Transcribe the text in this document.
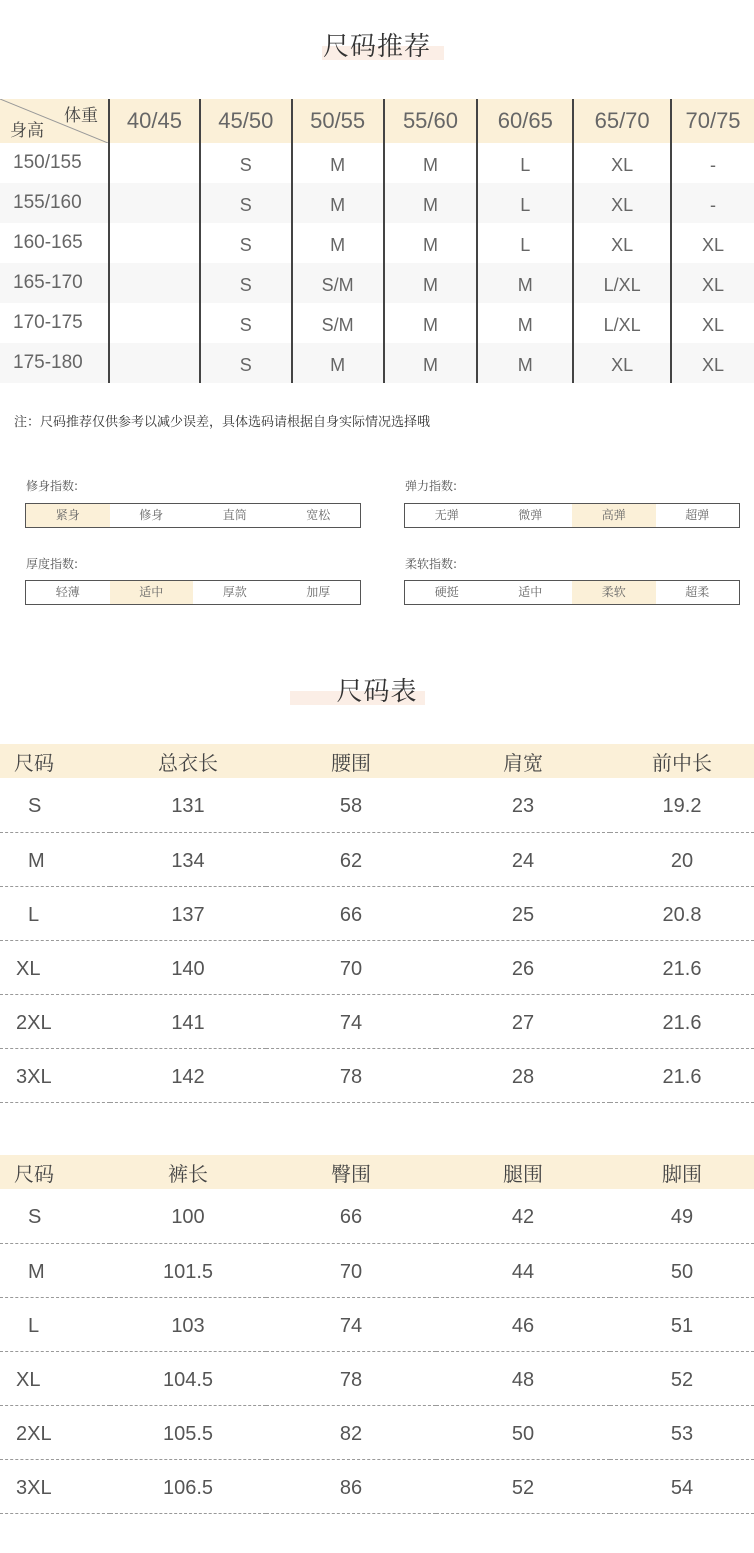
尺码推荐
体重
身高	40/45	45/50	50/55	55/60	60/65	65/70	70/75
150/155		S	M	M	L	XL	-
155/160		S	M	M	L	XL	-
160-165		S	M	M	L	XL	XL
165-170		S	S/M	M	M	L/XL	XL
170-175		S	S/M	M	M	L/XL	XL
175-180		S	M	M	M	XL	XL
注：尺码推荐仅供参考以减少误差，具体选码请根据自身实际情况选择哦
修身指数:
紧身	修身	直筒	宽松
弹力指数:
无弹	微弹	高弹	超弹
厚度指数:
轻薄	适中	厚款	加厚
柔软指数:
硬挺	适中	柔软	超柔
尺码表
尺码	总衣长	腰围	肩宽	前中长
S	131	58	23	19.2
M	134	62	24	20
L	137	66	25	20.8
XL	140	70	26	21.6
2XL	141	74	27	21.6
3XL	142	78	28	21.6
尺码	裤长	臀围	腿围	脚围
S	100	66	42	49
M	101.5	70	44	50
L	103	74	46	51
XL	104.5	78	48	52
2XL	105.5	82	50	53
3XL	106.5	86	52	54
